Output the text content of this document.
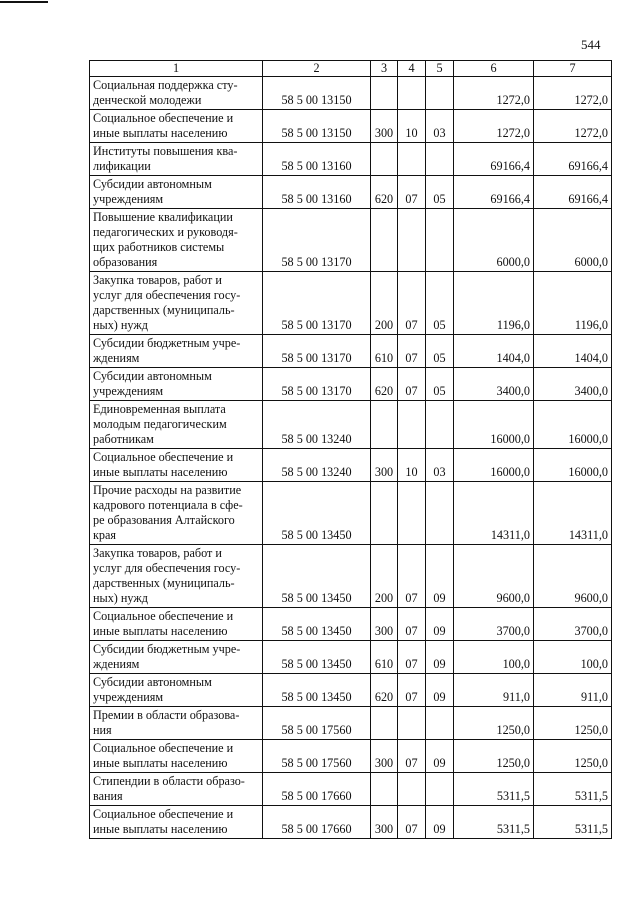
544
1	2	3	4	5	6	7
Социальная поддержка сту-
денческой молодежи	58 5 00 13150				1272,0	1272,0
Социальное обеспечение и
иные выплаты населению	58 5 00 13150	300	10	03	1272,0	1272,0
Институты повышения ква-
лификации	58 5 00 13160				69166,4	69166,4
Субсидии автономным
учреждениям	58 5 00 13160	620	07	05	69166,4	69166,4
Повышение квалификации
педагогических и руководя-
щих работников системы
образования	58 5 00 13170				6000,0	6000,0
Закупка товаров, работ и
услуг для обеспечения госу-
дарственных (муниципаль-
ных) нужд	58 5 00 13170	200	07	05	1196,0	1196,0
Субсидии бюджетным учре-
ждениям	58 5 00 13170	610	07	05	1404,0	1404,0
Субсидии автономным
учреждениям	58 5 00 13170	620	07	05	3400,0	3400,0
Единовременная выплата
молодым педагогическим
работникам	58 5 00 13240				16000,0	16000,0
Социальное обеспечение и
иные выплаты населению	58 5 00 13240	300	10	03	16000,0	16000,0
Прочие расходы на развитие
кадрового потенциала в сфе-
ре образования Алтайского
края	58 5 00 13450				14311,0	14311,0
Закупка товаров, работ и
услуг для обеспечения госу-
дарственных (муниципаль-
ных) нужд	58 5 00 13450	200	07	09	9600,0	9600,0
Социальное обеспечение и
иные выплаты населению	58 5 00 13450	300	07	09	3700,0	3700,0
Субсидии бюджетным учре-
ждениям	58 5 00 13450	610	07	09	100,0	100,0
Субсидии автономным
учреждениям	58 5 00 13450	620	07	09	911,0	911,0
Премии в области образова-
ния	58 5 00 17560				1250,0	1250,0
Социальное обеспечение и
иные выплаты населению	58 5 00 17560	300	07	09	1250,0	1250,0
Стипендии в области образо-
вания	58 5 00 17660				5311,5	5311,5
Социальное обеспечение и
иные выплаты населению	58 5 00 17660	300	07	09	5311,5	5311,5
